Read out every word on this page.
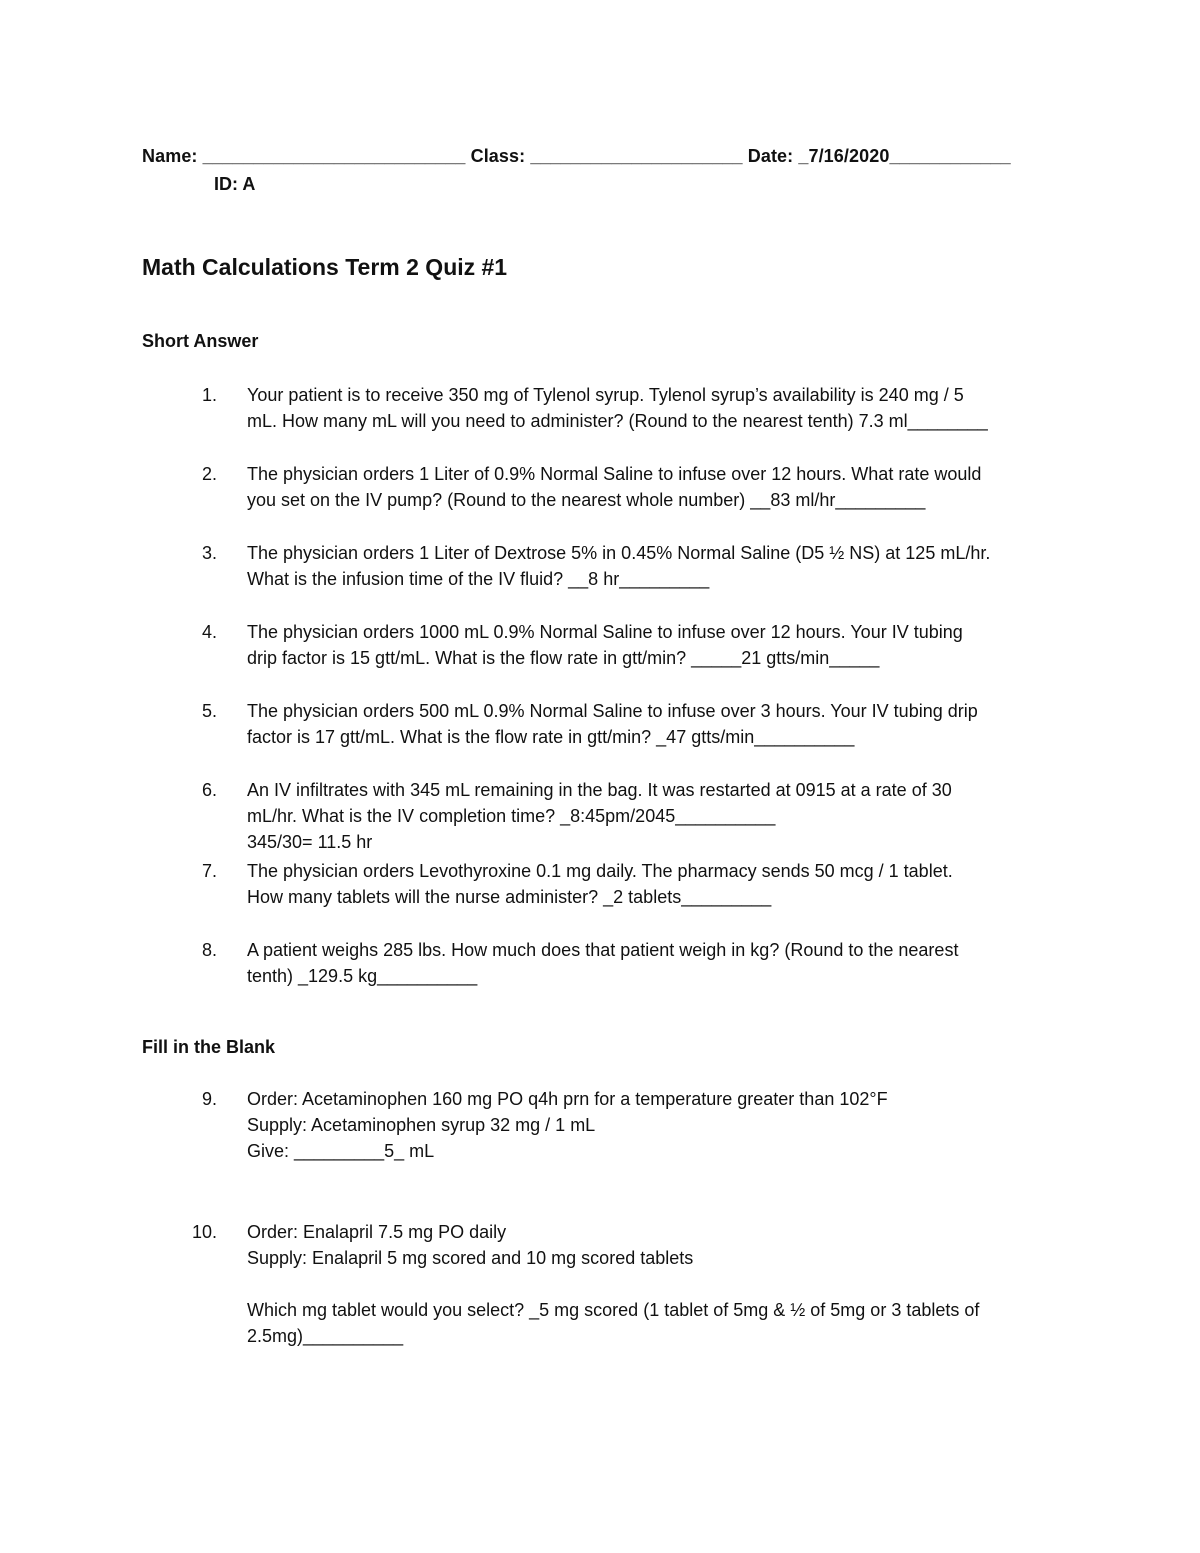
Name: __________________________ Class: _____________________ Date: _7/16/2020____________
ID: A
Math Calculations Term 2 Quiz #1
Short Answer
1.	Your patient is to receive 350 mg of Tylenol syrup. Tylenol syrup’s availability is 240 mg / 5
mL. How many mL will you need to administer? (Round to the nearest tenth) 7.3 ml________
2.	The physician orders 1 Liter of 0.9% Normal Saline to infuse over 12 hours. What rate would
you set on the IV pump? (Round to the nearest whole number) __83 ml/hr_________
3.	The physician orders 1 Liter of Dextrose 5% in 0.45% Normal Saline (D5 ½ NS) at 125 mL/hr.
What is the infusion time of the IV fluid? __8 hr_________
4.	The physician orders 1000 mL 0.9% Normal Saline to infuse over 12 hours. Your IV tubing
drip factor is 15 gtt/mL. What is the flow rate in gtt/min? _____21 gtts/min_____
5.	The physician orders 500 mL 0.9% Normal Saline to infuse over 3 hours. Your IV tubing drip
factor is 17 gtt/mL. What is the flow rate in gtt/min? _47 gtts/min__________
6.	An IV infiltrates with 345 mL remaining in the bag. It was restarted at 0915 at a rate of 30
mL/hr. What is the IV completion time? _8:45pm/2045__________
345/30= 11.5 hr
7.	The physician orders Levothyroxine 0.1 mg daily. The pharmacy sends 50 mcg / 1 tablet.
How many tablets will the nurse administer? _2 tablets_________
8.	A patient weighs 285 lbs. How much does that patient weigh in kg? (Round to the nearest
tenth) _129.5 kg__________
Fill in the Blank
9.	Order: Acetaminophen 160 mg PO q4h prn for a temperature greater than 102°F
Supply: Acetaminophen syrup 32 mg / 1 mL
Give: _________5_ mL
10.	Order: Enalapril 7.5 mg PO daily
Supply: Enalapril 5 mg scored and 10 mg scored tablets

Which mg tablet would you select? _5 mg scored (1 tablet of 5mg & ½ of 5mg or 3 tablets of
2.5mg)__________
